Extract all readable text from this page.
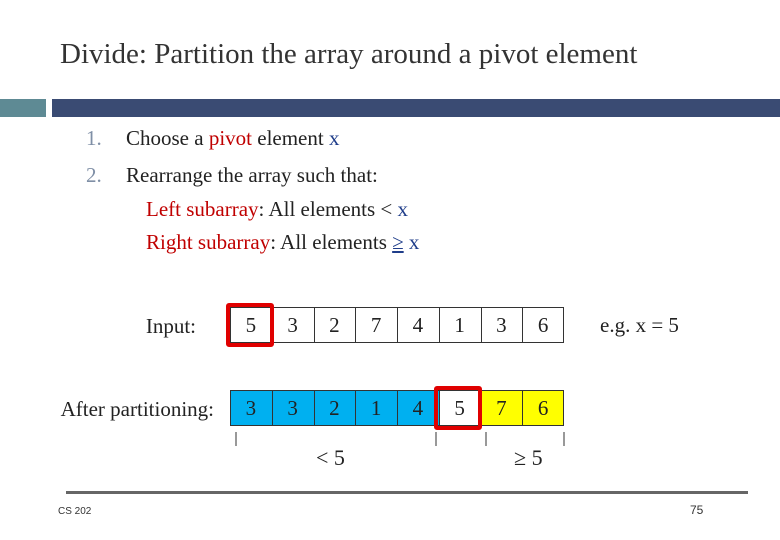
Divide: Partition the array around a pivot element
1. Choose a pivot element x
2. Rearrange the array such that:
Left subarray: All elements < x
Right subarray: All elements ≥ x
Input:
After partitioning:
5	3	2	7	4	1	3	6
3	3	2	1	4	5	7	6
e.g. x = 5
< 5	≥ 5
CS 202	75
